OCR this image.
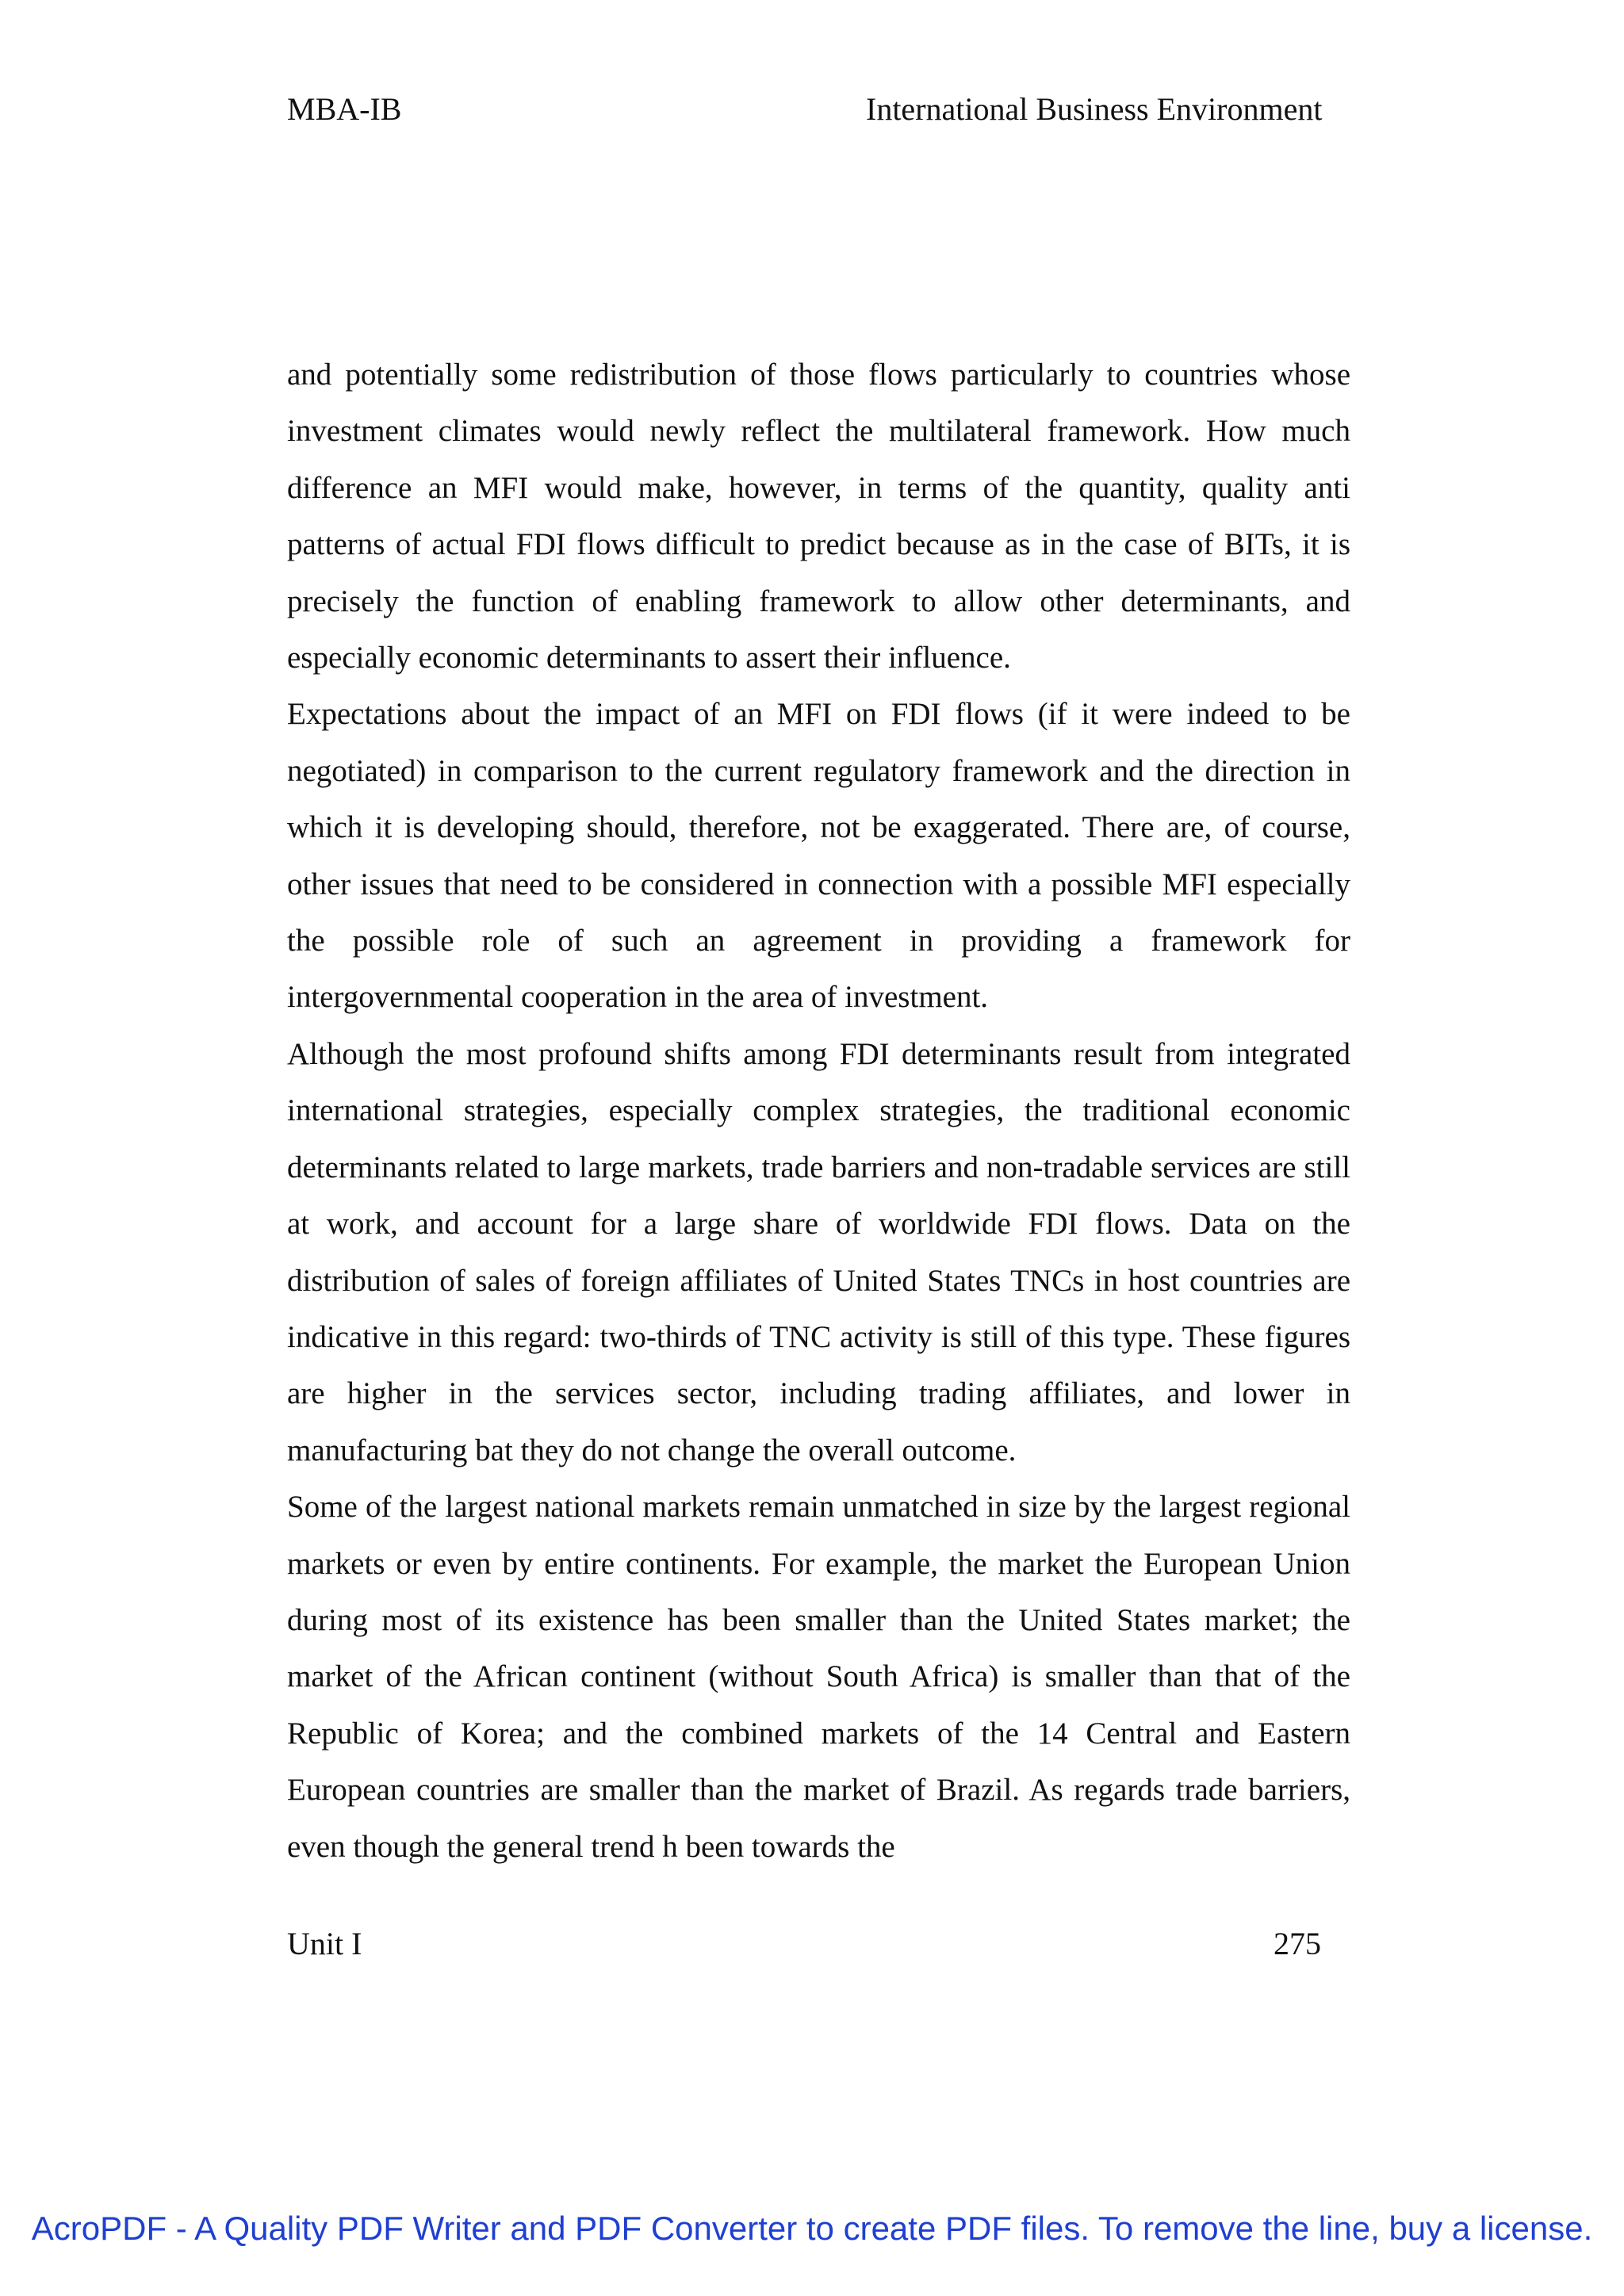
MBA-IB	International Business Environment

and potentially some redistribution of those flows particularly to countries whose investment climates would newly reflect the multilateral framework. How much difference an MFI would make, however, in terms of the quantity, quality anti patterns of actual FDI flows difficult to predict because as in the case of BITs, it is precisely the function of enabling framework to allow other determinants, and especially economic determinants to assert their influence.

Expectations about the impact of an MFI on FDI flows (if it were indeed to be negotiated) in comparison to the current regulatory framework and the direction in which it is developing should, therefore, not be exaggerated. There are, of course, other issues that need to be considered in connection with a possible MFI especially the possible role of such an agreement in providing a framework for intergovernmental cooperation in the area of investment.

Although the most profound shifts among FDI determinants result from integrated international strategies, especially complex strategies, the traditional economic determinants related to large markets, trade barriers and non-tradable services are still at work, and account for a large share of worldwide FDI flows. Data on the distribution of sales of foreign affiliates of United States TNCs in host countries are indicative in this regard: two-thirds of TNC activity is still of this type. These figures are higher in the services sector, including trading affiliates, and lower in manufacturing bat they do not change the overall outcome.

Some of the largest national markets remain unmatched in size by the largest regional markets or even by entire continents. For example, the market the European Union during most of its existence has been smaller than the United States market; the market of the African continent (without South Africa) is smaller than that of the Republic of Korea; and the combined markets of the 14 Central and Eastern European countries are smaller than the market of Brazil. As regards trade barriers, even though the general trend h been towards the

Unit I	275
AcroPDF - A Quality PDF Writer and PDF Converter to create PDF files. To remove the line, buy a license.
